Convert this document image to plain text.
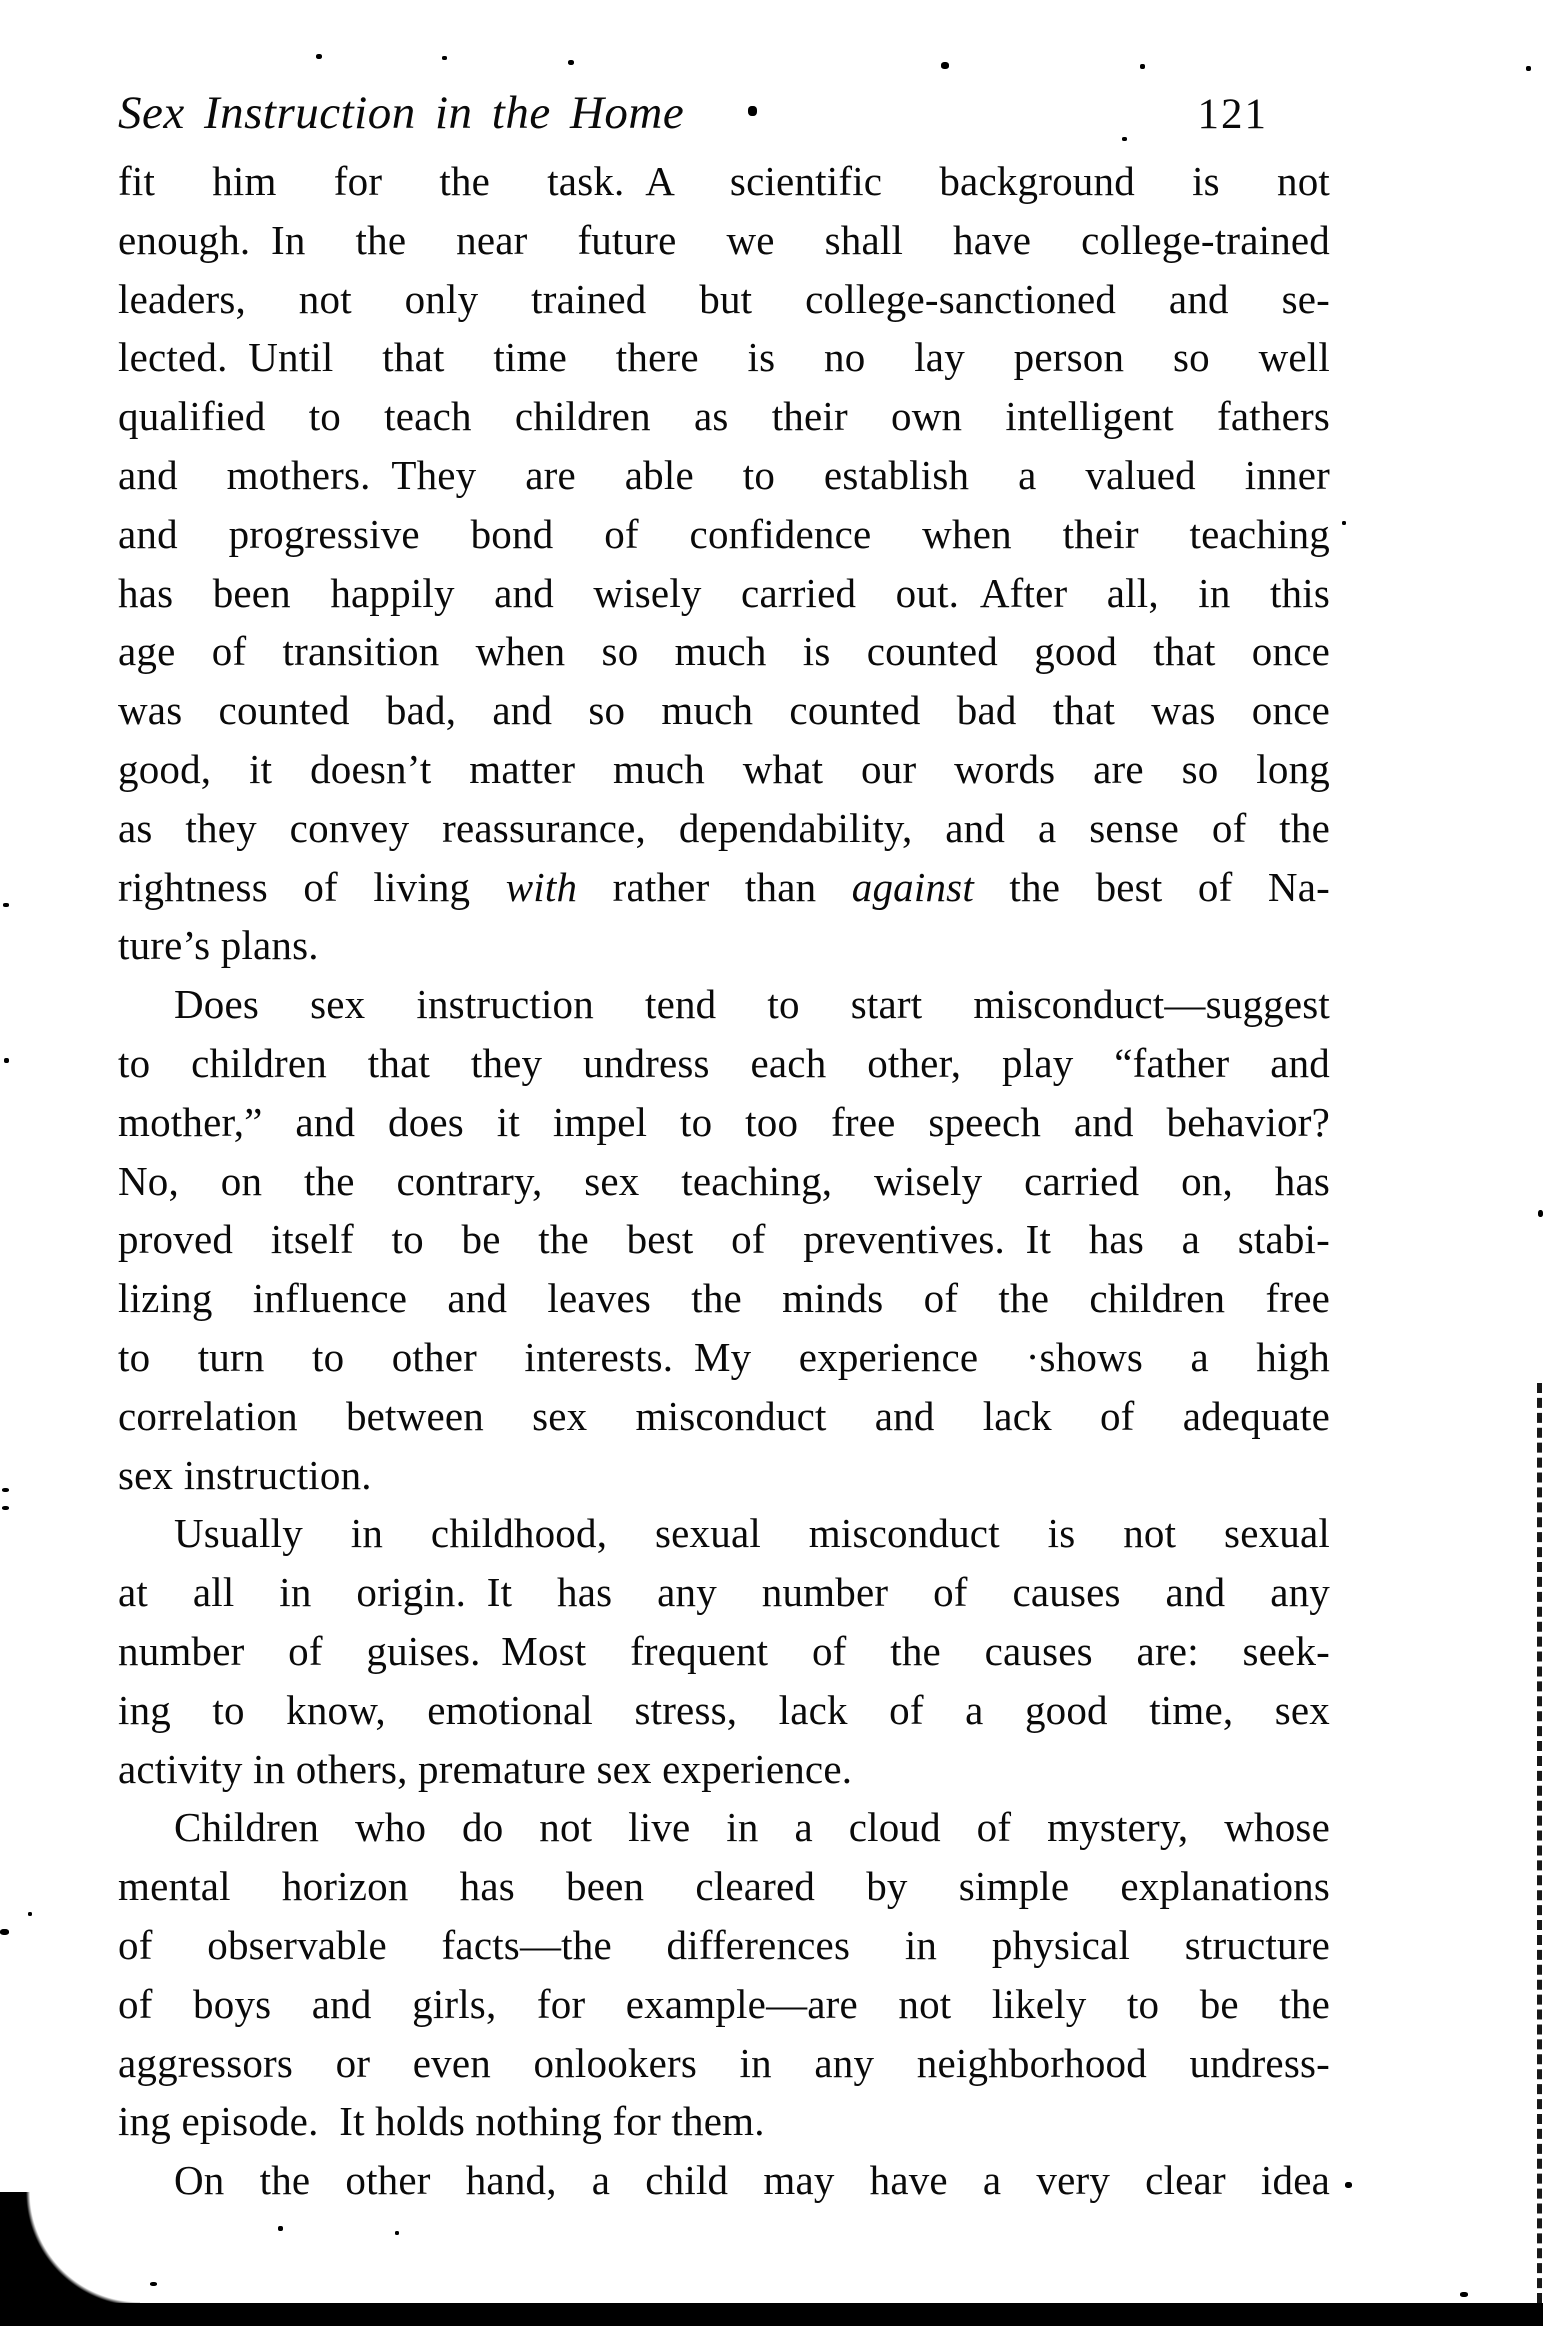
Sex Instruction in the Home	121
fit him for the task. A scientific background is not
enough. In the near future we shall have college-trained
leaders, not only trained but college-sanctioned and se-
lected. Until that time there is no lay person so well
qualified to teach children as their own intelligent fathers
and mothers. They are able to establish a valued inner
and progressive bond of confidence when their teaching
has been happily and wisely carried out. After all, in this
age of transition when so much is counted good that once
was counted bad, and so much counted bad that was once
good, it doesn’t matter much what our words are so long
as they convey reassurance, dependability, and a sense of the
rightness of living with rather than against the best of Na-
ture’s plans.
Does sex instruction tend to start misconduct—suggest
to children that they undress each other, play “father and
mother,” and does it impel to too free speech and behavior?
No, on the contrary, sex teaching, wisely carried on, has
proved itself to be the best of preventives. It has a stabi-
lizing influence and leaves the minds of the children free
to turn to other interests. My experience ·shows a high
correlation between sex misconduct and lack of adequate
sex instruction.
Usually in childhood, sexual misconduct is not sexual
at all in origin. It has any number of causes and any
number of guises. Most frequent of the causes are: seek-
ing to know, emotional stress, lack of a good time, sex
activity in others, premature sex experience.
Children who do not live in a cloud of mystery, whose
mental horizon has been cleared by simple explanations
of observable facts—the differences in physical structure
of boys and girls, for example—are not likely to be the
aggressors or even onlookers in any neighborhood undress-
ing episode. It holds nothing for them.
On the other hand, a child may have a very clear idea
